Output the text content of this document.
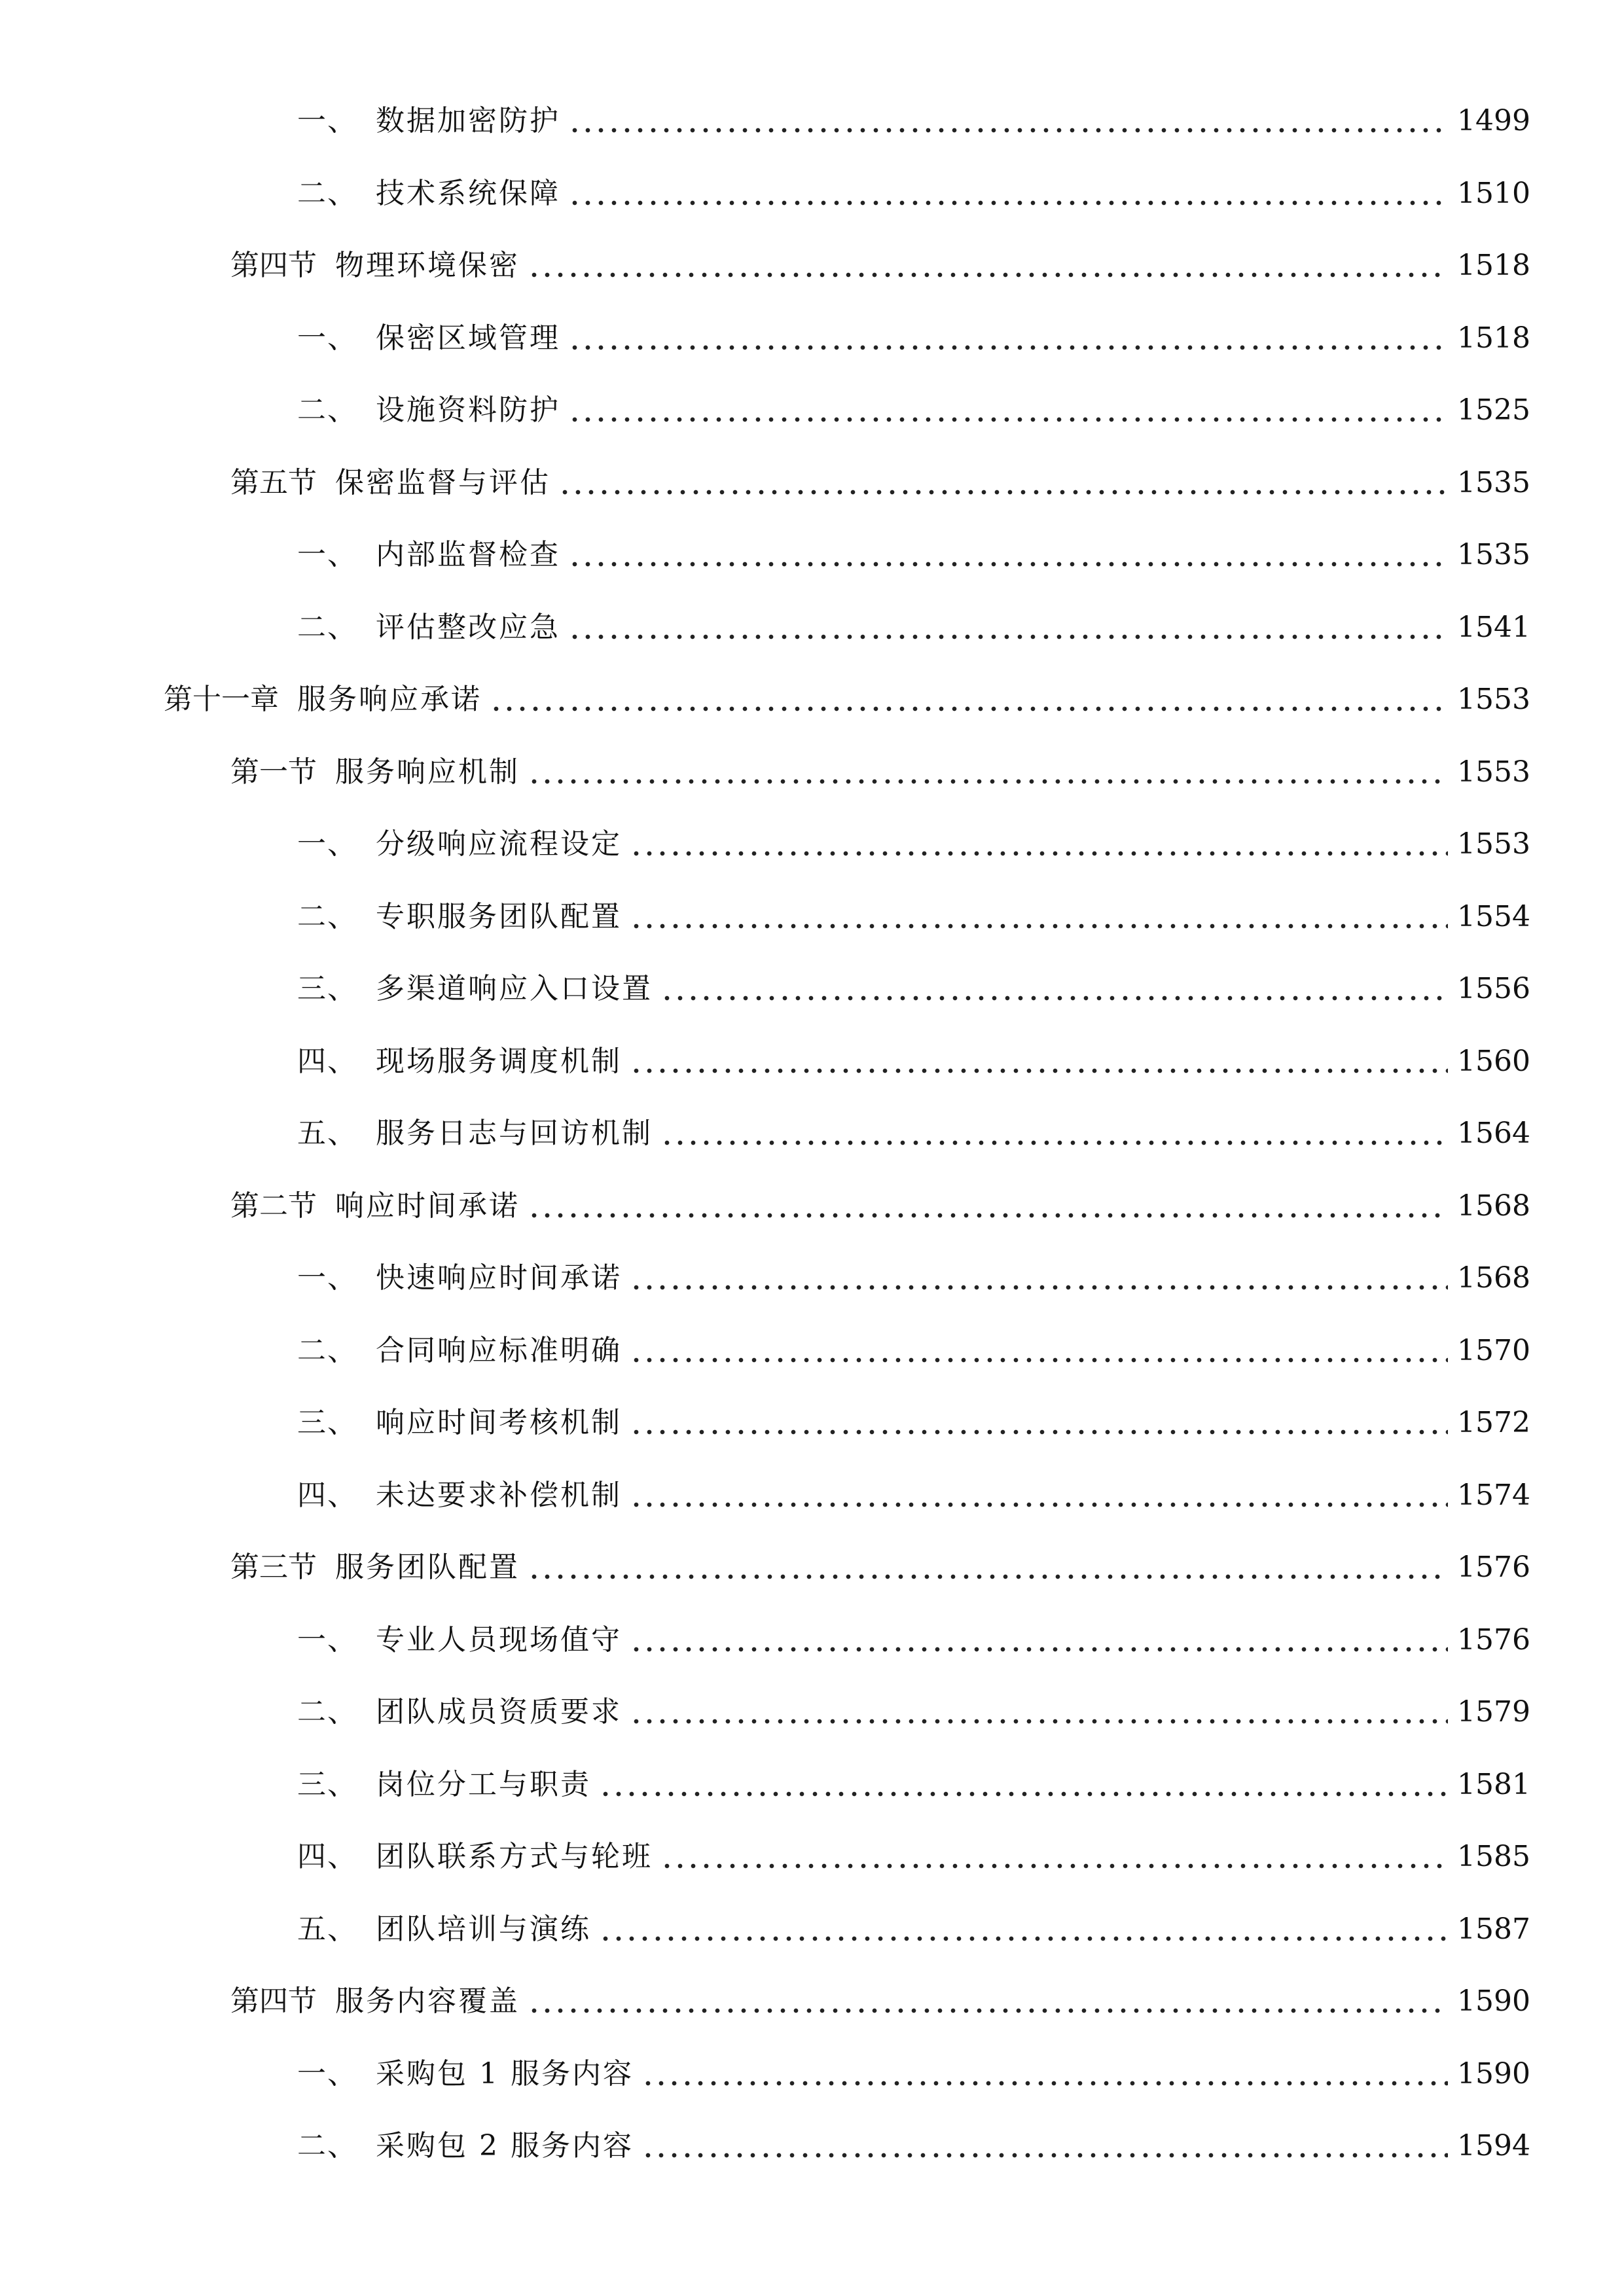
一、 数据加密防护	1499
二、 技术系统保障	1510
第四节 物理环境保密	1518
一、 保密区域管理	1518
二、 设施资料防护	1525
第五节 保密监督与评估	1535
一、 内部监督检查	1535
二、 评估整改应急	1541
第十一章 服务响应承诺	1553
第一节 服务响应机制	1553
一、 分级响应流程设定	1553
二、 专职服务团队配置	1554
三、 多渠道响应入口设置	1556
四、 现场服务调度机制	1560
五、 服务日志与回访机制	1564
第二节 响应时间承诺	1568
一、 快速响应时间承诺	1568
二、 合同响应标准明确	1570
三、 响应时间考核机制	1572
四、 未达要求补偿机制	1574
第三节 服务团队配置	1576
一、 专业人员现场值守	1576
二、 团队成员资质要求	1579
三、 岗位分工与职责	1581
四、 团队联系方式与轮班	1585
五、 团队培训与演练	1587
第四节 服务内容覆盖	1590
一、 采购包 1 服务内容	1590
二、 采购包 2 服务内容	1594
